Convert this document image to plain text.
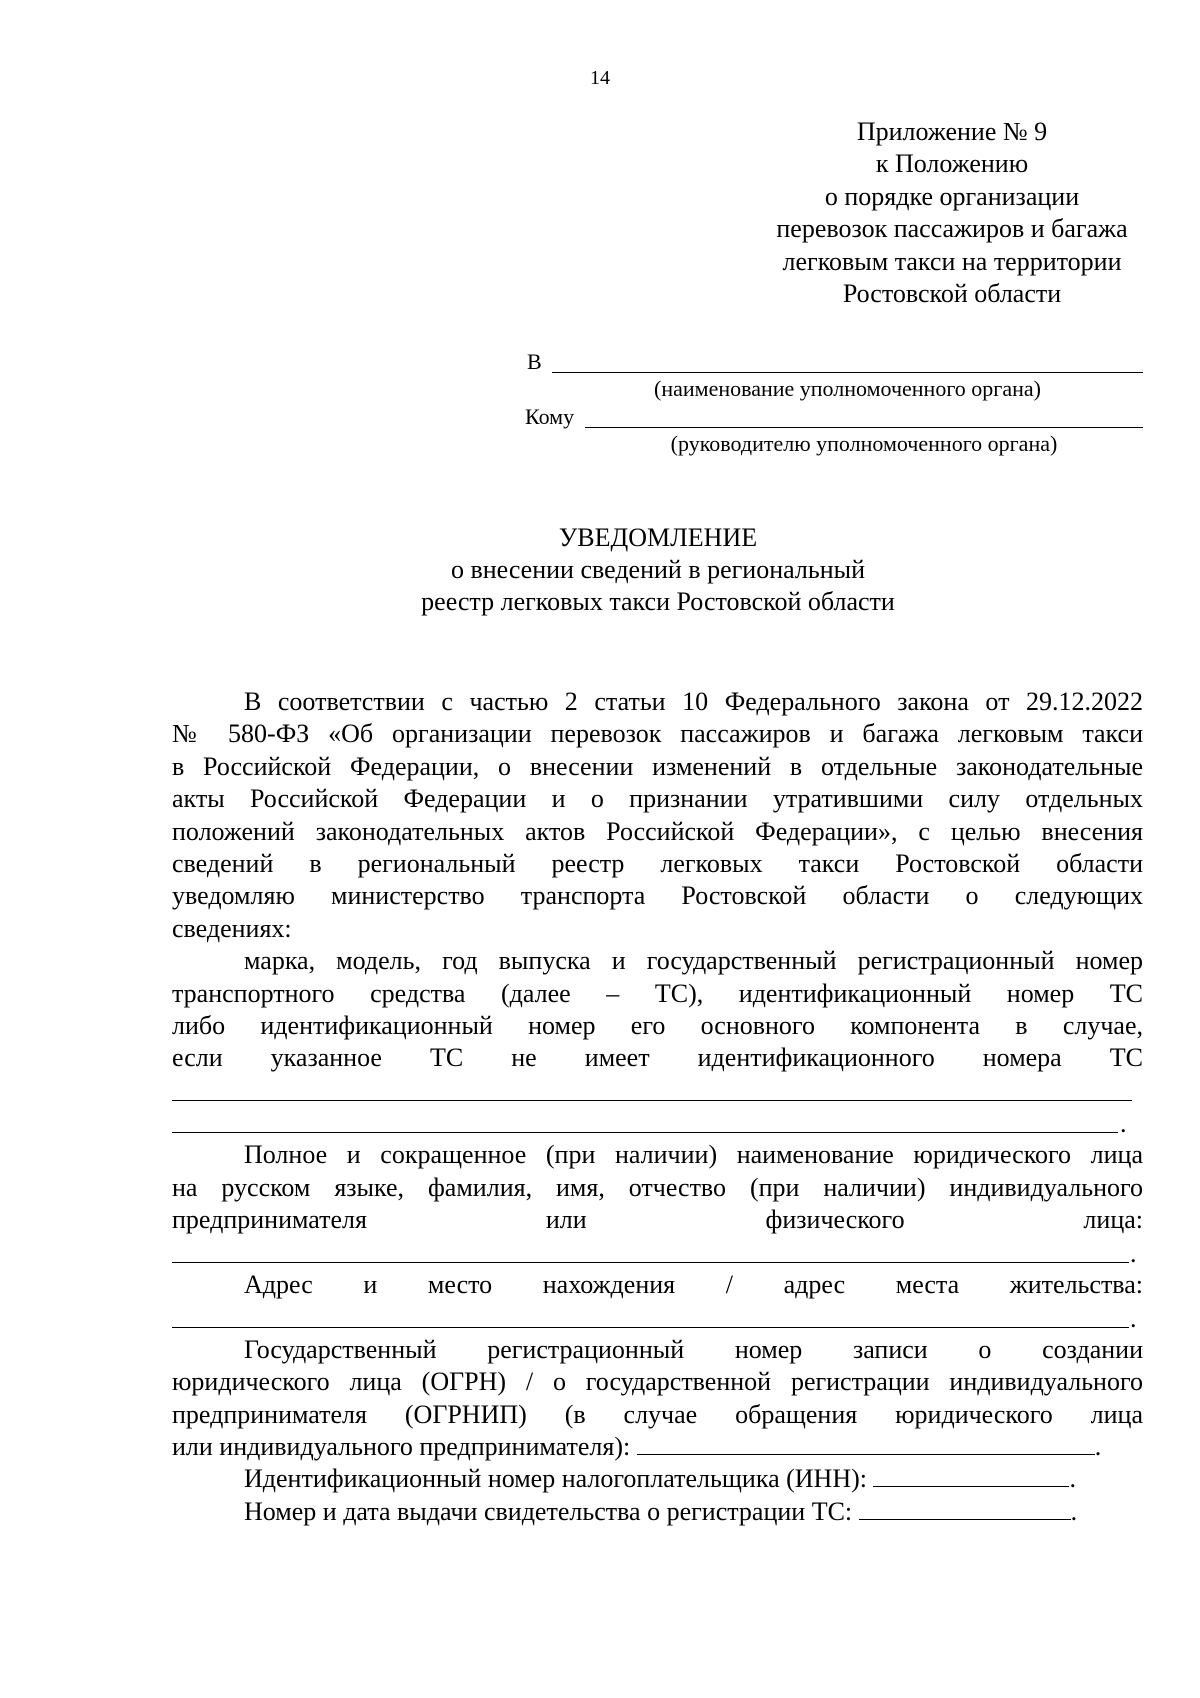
14
Приложение № 9
к Положению
о порядке организации
перевозок пассажиров и багажа
легковым такси на территории
Ростовской области
В
(наименование уполномоченного органа)
Кому
(руководителю уполномоченного органа)
УВЕДОМЛЕНИЕ
о внесении сведений в региональный
реестр легковых такси Ростовской области
В соответствии с частью 2 статьи 10 Федерального закона от 29.12.2022
№ 580-ФЗ «Об организации перевозок пассажиров и багажа легковым такси
в Российской Федерации, о внесении изменений в отдельные законодательные
акты Российской Федерации и о признании утратившими силу отдельных
положений законодательных актов Российской Федерации», с целью внесения
сведений в региональный реестр легковых такси Ростовской области
уведомляю министерство транспорта Ростовской области о следующих
сведениях:
марка, модель, год выпуска и государственный регистрационный номер
транспортного средства (далее – ТС), идентификационный номер ТС
либо идентификационный номер его основного компонента в случае,
если указанное ТС не имеет идентификационного номера ТС
.
Полное и сокращенное (при наличии) наименование юридического лица
на русском языке, фамилия, имя, отчество (при наличии) индивидуального
предпринимателя или физического лица:
.
Адрес и место нахождения / адрес места жительства:
.
Государственный регистрационный номер записи о создании
юридического лица (ОГРН) / о государственной регистрации индивидуального
предпринимателя (ОГРНИП) (в случае обращения юридического лица
или индивидуального предпринимателя):	.
Идентификационный номер налогоплательщика (ИНН):	.
Номер и дата выдачи свидетельства о регистрации ТС:	.
